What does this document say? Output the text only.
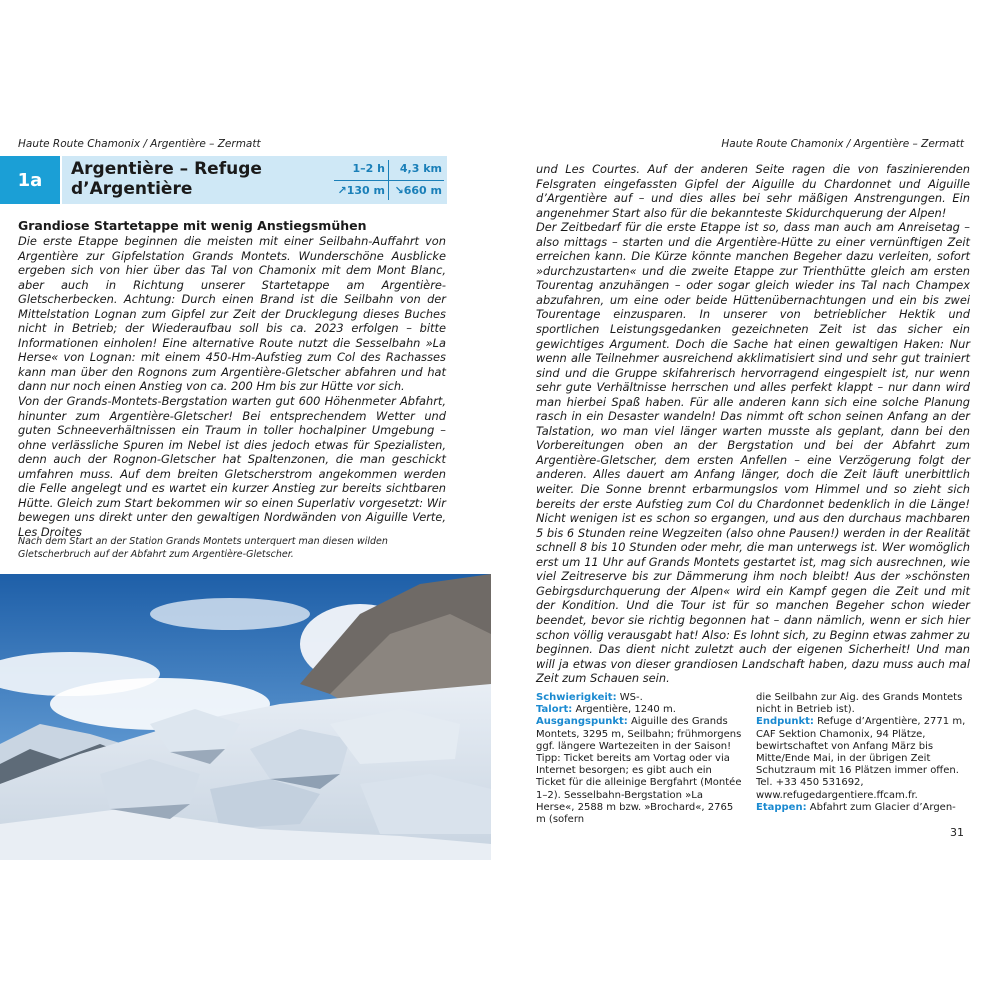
Haute Route Chamonix / Argentière – Zermatt
1a
Argentière – Refuge
d’Argentière
1–2 h	4,3 km
↗130 m ↘660 m
Grandiose Startetappe mit wenig Anstiegsmühen

Die erste Etappe beginnen die meisten mit einer Seilbahn-Auffahrt von Argentière zur Gipfelstation Grands Montets. Wunderschöne Ausblicke ergeben sich von hier über das Tal von Chamonix mit dem Mont Blanc, aber auch in Richtung unserer Startetappe am Argentière-Gletscherbecken. Achtung: Durch einen Brand ist die Seilbahn von der Mittelstation Lognan zum Gipfel zur Zeit der Drucklegung dieses Buches nicht in Betrieb; der Wiederaufbau soll bis ca. 2023 erfolgen – bitte Informationen einholen! Eine alternative Route nutzt die Sesselbahn »La Herse« von Lognan: mit einem 450-Hm-Aufstieg zum Col des Rachasses kann man über den Rognons zum Argentière-Gletscher abfahren und hat dann nur noch einen Anstieg von ca. 200 Hm bis zur Hütte vor sich.

Von der Grands-Montets-Bergstation warten gut 600 Höhenmeter Abfahrt, hinunter zum Argentière-Gletscher! Bei entsprechendem Wetter und guten Schneeverhältnissen ein Traum in toller hochalpiner Umgebung – ohne verlässliche Spuren im Nebel ist dies jedoch etwas für Spezialisten, denn auch der Rognon-Gletscher hat Spaltenzonen, die man geschickt umfahren muss. Auf dem breiten Gletscherstrom angekommen werden die Felle angelegt und es wartet ein kurzer Anstieg zur bereits sichtbaren Hütte. Gleich zum Start bekommen wir so einen Superlativ vorgesetzt: Wir bewegen uns direkt unter den gewaltigen Nordwänden von Aiguille Verte, Les Droites

Nach dem Start an der Station Grands Montets unterquert man diesen wilden Gletscherbruch auf der Abfahrt zum Argentière-Gletscher.
Haute Route Chamonix / Argentière – Zermatt

und Les Courtes. Auf der anderen Seite ragen die von faszinierenden Felsgraten eingefassten Gipfel der Aiguille du Chardonnet und Aiguille d’Argentière auf – und dies alles bei sehr mäßigen Anstrengungen. Ein angenehmer Start also für die bekannteste Skidurchquerung der Alpen!

Der Zeitbedarf für die erste Etappe ist so, dass man auch am Anreisetag – also mittags – starten und die Argentière-Hütte zu einer vernünftigen Zeit erreichen kann. Die Kürze könnte manchen Begeher dazu verleiten, sofort »durchzustarten« und die zweite Etappe zur Trienthütte gleich am ersten Tourentag anzuhängen – oder sogar gleich wieder ins Tal nach Champex abzufahren, um eine oder beide Hüttenübernachtungen und ein bis zwei Tourentage einzusparen. In unserer von betrieblicher Hektik und sportlichen Leistungsgedanken gezeichneten Zeit ist das sicher ein gewichtiges Argument. Doch die Sache hat einen gewaltigen Haken: Nur wenn alle Teilnehmer ausreichend akklimatisiert sind und sehr gut trainiert sind und die Gruppe skifahrerisch hervorragend eingespielt ist, nur wenn sehr gute Verhältnisse herrschen und alles perfekt klappt – nur dann wird man hierbei Spaß haben. Für alle anderen kann sich eine solche Planung rasch in ein Desaster wandeln! Das nimmt oft schon seinen Anfang an der Talstation, wo man viel länger warten musste als geplant, dann bei den Vorbereitungen oben an der Bergstation und bei der Abfahrt zum Argentière-Gletscher, dem ersten Anfellen – eine Verzögerung folgt der anderen. Alles dauert am Anfang länger, doch die Zeit läuft unerbittlich weiter. Die Sonne brennt erbarmungslos vom Himmel und so zieht sich bereits der erste Aufstieg zum Col du Chardonnet bedenklich in die Länge! Nicht wenigen ist es schon so ergangen, und aus den durchaus machbaren 5 bis 6 Stunden reine Wegzeiten (also ohne Pausen!) werden in der Realität schnell 8 bis 10 Stunden oder mehr, die man unterwegs ist. Wer womöglich erst um 11 Uhr auf Grands Montets gestartet ist, mag sich ausrechnen, wie viel Zeitreserve bis zur Dämmerung ihm noch bleibt! Aus der »schönsten Gebirgsdurchquerung der Alpen« wird ein Kampf gegen die Zeit und mit der Kondition. Und die Tour ist für so manchen Begeher schon wieder beendet, bevor sie richtig begonnen hat – dann nämlich, wenn er sich hier schon völlig verausgabt hat! Also: Es lohnt sich, zu Beginn etwas zahmer zu beginnen. Das dient nicht zuletzt auch der eigenen Sicherheit! Und man will ja etwas von dieser grandiosen Landschaft haben, dazu muss auch mal Zeit zum Schauen sein.

Schwierigkeit: WS-.
Talort: Argentière, 1240 m.
Ausgangspunkt: Aiguille des Grands Montets, 3295 m, Seilbahn; frühmorgens ggf. längere Wartezeiten in der Saison! Tipp: Ticket bereits am Vortag oder via Internet besorgen; es gibt auch ein Ticket für die alleinige Bergfahrt (Montée 1–2). Sesselbahn-Bergstation »La Herse«, 2588 m bzw. »Brochard«, 2765 m (sofern
die Seilbahn zur Aig. des Grands Montets nicht in Betrieb ist).
Endpunkt: Refuge d’Argentière, 2771 m, CAF Sektion Chamonix, 94 Plätze, bewirtschaftet von Anfang März bis Mitte/Ende Mai, in der übrigen Zeit Schutzraum mit 16 Plätzen immer offen. Tel. +33 450 531692, www.refugedargentiere.ffcam.fr.
Etappen: Abfahrt zum Glacier d’Argen-
31
